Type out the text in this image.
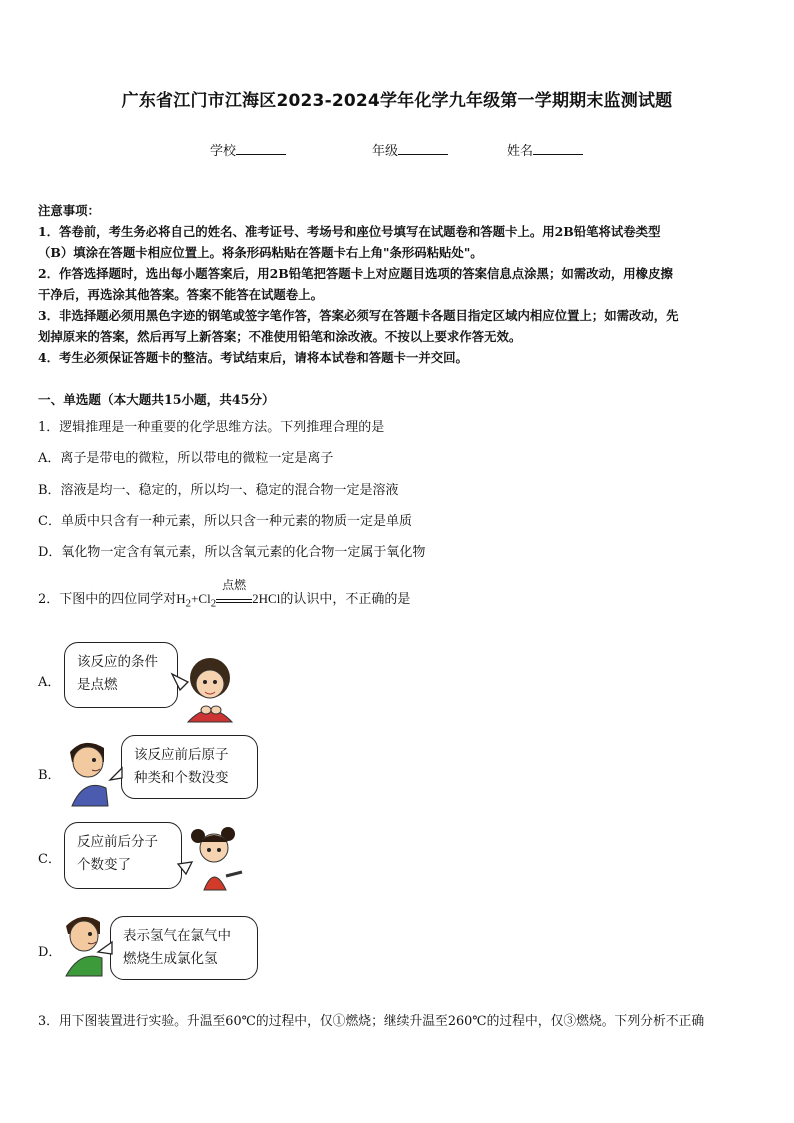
广东省江门市江海区2023-2024学年化学九年级第一学期期末监测试题
学校	年级	姓名

注意事项：

1．答卷前，考生务必将自己的姓名、准考证号、考场号和座位号填写在试题卷和答题卡上。用2B铅笔将试卷类型

（B）填涂在答题卡相应位置上。将条形码粘贴在答题卡右上角"条形码粘贴处"。

2．作答选择题时，选出每小题答案后，用2B铅笔把答题卡上对应题目选项的答案信息点涂黑；如需改动，用橡皮擦

干净后，再选涂其他答案。答案不能答在试题卷上。

3．非选择题必须用黑色字迹的钢笔或签字笔作答，答案必须写在答题卡各题目指定区域内相应位置上；如需改动，先

划掉原来的答案，然后再写上新答案；不准使用铅笔和涂改液。不按以上要求作答无效。

4．考生必须保证答题卡的整洁。考试结束后，请将本试卷和答题卡一并交回。

一、单选题（本大题共15小题，共45分）
1．逻辑推理是一种重要的化学思维方法。下列推理合理的是
A．离子是带电的微粒，所以带电的微粒一定是离子
B．溶液是均一、稳定的，所以均一、稳定的混合物一定是溶液
C．单质中只含有一种元素，所以只含一种元素的物质一定是单质
D．氧化物一定含有氧元素，所以含氧元素的化合物一定属于氧化物
2．下图中的四位同学对$H_2+Cl_2$
点燃
2HCl的认识中，不正确的是
A．
该反应的条件
是点燃
B．
该反应前后原子
种类和个数没变
C．
反应前后分子
个数变了
D．
表示氢气在氯气中
燃烧生成氯化氢
3．用下图装置进行实验。升温至60℃的过程中，仅①燃烧；继续升温至260℃的过程中，仅③燃烧。下列分析不正确
